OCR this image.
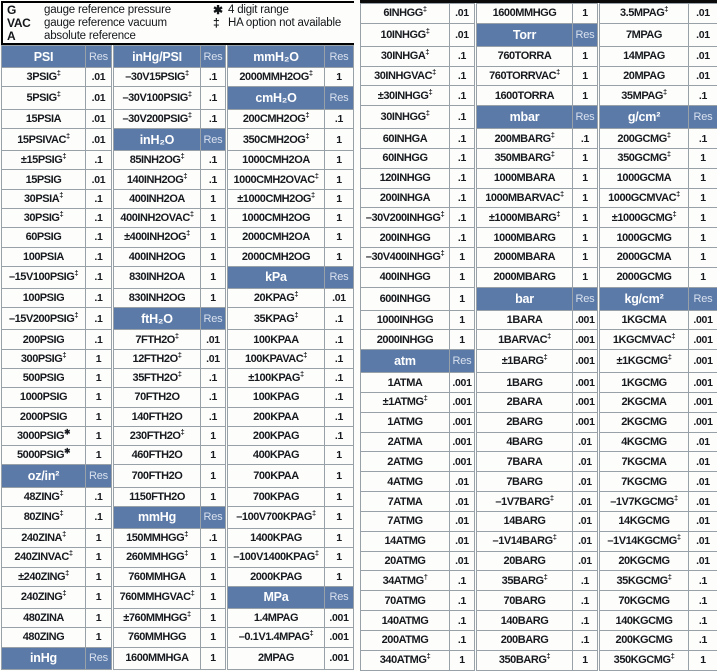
G	gauge reference pressure
VAC	gauge reference vacuum
A	absolute reference
✱ 4 digit range
‡ HA option not available
PSI	Res	inHg/PSI	Res	mmH₂O	Res
3PSIG‡	.01	–30V15PSIG‡	.1	2000MMH2OG‡	1
5PSIG‡	.01	–30V100PSIG‡	.1	cmH₂O	Res
15PSIA	.01	–30V200PSIG‡	.1	200CMH2OG‡	.1
15PSIVAC‡	.01	inH₂O	Res	350CMH2OG‡	1
±15PSIG‡	.1	85INH2OG‡	.1	1000CMH2OA	1
15PSIG	.01	140INH2OG‡	.1	1000CMH2OVAC‡	1
30PSIA‡	.1	400INH2OA	1	±1000CMH2OG‡	1
30PSIG‡	.1	400INH2OVAC‡	1	1000CMH2OG	1
60PSIG	.1	±400INH2OG‡	1	2000CMH2OA	1
100PSIA	.1	400INH2OG	1	2000CMH2OG	1
–15V100PSIG‡	.1	830INH2OA	1	kPa	Res
100PSIG	.1	830INH2OG	1	20KPAG‡	.01
–15V200PSIG‡	.1	ftH₂O	Res	35KPAG‡	.1
200PSIG	.1	7FTH2O‡	.01	100KPAA	.1
300PSIG‡	1	12FTH2O‡	.01	100KPAVAC‡	.1
500PSIG	1	35FTH2O‡	.1	±100KPAG‡	.1
1000PSIG	1	70FTH2O	.1	100KPAG	.1
2000PSIG	1	140FTH2O	.1	200KPAA	.1
3000PSIG✱	1	230FTH2O‡	1	200KPAG	.1
5000PSIG✱	1	460FTH2O	1	400KPAG	1
oz/in²	Res	700FTH2O	1	700KPAA	1
48ZING‡	.1	1150FTH2O	1	700KPAG	1
80ZING‡	.1	mmHg	Res	–100V700KPAG‡	1
240ZINA‡	1	150MMHGG‡	.1	1400KPAG	1
240ZINVAC‡	1	260MMHGG‡	1	–100V1400KPAG‡	1
±240ZING‡	1	760MMHGA	1	2000KPAG	1
240ZING‡	1	760MMHGVAC‡	1	MPa	Res
480ZINA	1	±760MMHGG‡	1	1.4MPAG	.001
480ZING	1	760MMHGG	1	–0.1V1.4MPAG‡	.001
inHg	Res	1600MMHGA	1	2MPAG	.001
6INHGG‡	.01	1600MMHGG	1	3.5MPAG‡	.01
10INHGG‡	.01	Torr	Res	7MPAG	.01
30INHGA‡	.1	760TORRA	1	14MPAG	.01
30INHGVAC‡	.1	760TORRVAC‡	1	20MPAG	.01
±30INHGG‡	.1	1600TORRA	1	35MPAG‡	.1
30INHGG‡	.1	mbar	Res	g/cm²	Res
60INHGA	.1	200MBARG‡	.1	200GCMG‡	.1
60INHGG	.1	350MBARG‡	1	350GCMG‡	1
120INHGG	.1	1000MBARA	1	1000GCMA	1
200INHGA	.1	1000MBARVAC‡	1	1000GCMVAC‡	1
–30V200INHGG‡	.1	±1000MBARG‡	1	±1000GCMG‡	1
200INHGG	.1	1000MBARG	1	1000GCMG	1
–30V400INHGG‡	1	2000MBARA	1	2000GCMA	1
400INHGG	1	2000MBARG	1	2000GCMG	1
600INHGG	1	bar	Res	kg/cm²	Res
1000INHGG	1	1BARA	.001	1KGCMA	.001
2000INHGG	1	1BARVAC‡	.001	1KGCMVAC‡	.001
atm	Res	±1BARG‡	.001	±1KGCMG‡	.001
1ATMA	.001	1BARG	.001	1KGCMG	.001
±1ATMG‡	.001	2BARA	.001	2KGCMA	.001
1ATMG	.001	2BARG	.001	2KGCMG	.001
2ATMA	.001	4BARG	.01	4KGCMG	.01
2ATMG	.001	7BARA	.01	7KGCMA	.01
4ATMG	.01	7BARG	.01	7KGCMG	.01
7ATMA	.01	–1V7BARG‡	.01	–1V7KGCMG‡	.01
7ATMG	.01	14BARG	.01	14KGCMG	.01
14ATMG	.01	–1V14BARG‡	.01	–1V14KGCMG‡	.01
20ATMG	.01	20BARG	.01	20KGCMG	.01
34ATMG†	.1	35BARG‡	.1	35KGCMG‡	.1
70ATMG	.1	70BARG	.1	70KGCMG	.1
140ATMG	.1	140BARG	.1	140KGCMG	.1
200ATMG	.1	200BARG	.1	200KGCMG	.1
340ATMG‡	1	350BARG‡	1	350KGCMG‡	1
